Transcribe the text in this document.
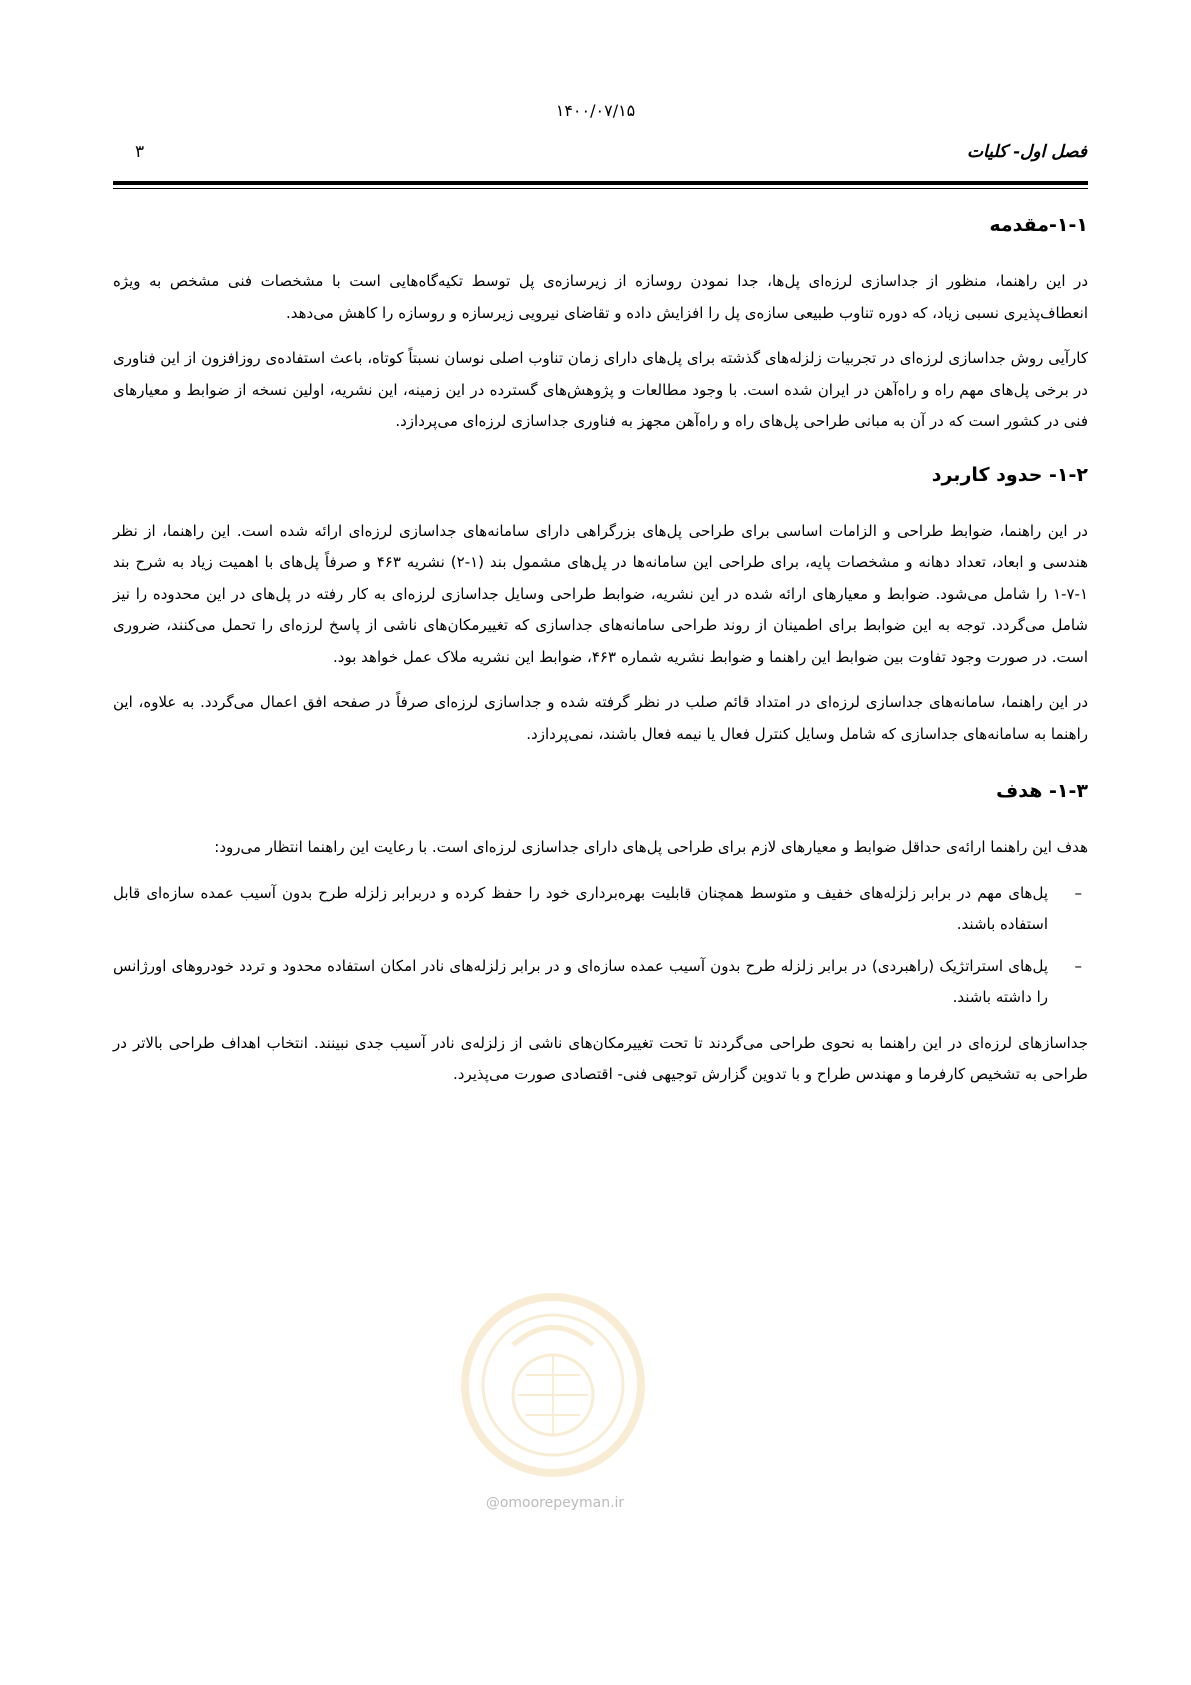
۱۴۰۰/۰۷/۱۵
فصل اول- کلیات
۳
۱-۱-مقدمه

در این راهنما، منظور از جداسازی لرزه‌ای پل‌ها، جدا نمودن روسازه از زیرسازه‌ی پل توسط تکیه‌گاه‌هایی است با مشخصات فنی مشخص به ویژه انعطاف‌پذیری نسبی زیاد، که دوره تناوب طبیعی سازه‌ی پل را افزایش داده و تقاضای نیرویی زیرسازه و روسازه را کاهش می‌دهد.

کارآیی روش جداسازی لرزه‌ای در تجربیات زلزله‌های گذشته برای پل‌های دارای زمان تناوب اصلی نوسان نسبتاً کوتاه، باعث استفاده‌ی روزافزون از این فناوری در برخی پل‌های مهم راه و راه‌آهن در ایران شده است. با وجود مطالعات و پژوهش‌های گسترده در این زمینه، این نشریه، اولین نسخه از ضوابط و معیارهای فنی در کشور است که در آن به مبانی طراحی پل‌های راه و راه‌آهن مجهز به فناوری جداسازی لرزه‌ای می‌پردازد.

۱-۲- حدود کاربرد

در این راهنما، ضوابط طراحی و الزامات اساسی برای طراحی پل‌های بزرگراهی دارای سامانه‌های جداسازی لرزه‌ای ارائه شده است. این راهنما، از نظر هندسی و ابعاد، تعداد دهانه و مشخصات پایه، برای طراحی این سامانه‌ها در پل‌های مشمول بند (۱-۲) نشریه ۴۶۳ و صرفاً پل‌های با اهمیت زیاد به شرح بند ۱-۷-۱ را شامل می‌شود. ضوابط و معیارهای ارائه شده در این نشریه، ضوابط طراحی وسایل جداسازی لرزه‌ای به کار رفته در پل‌های در این محدوده را نیز شامل می‌گردد. توجه به این ضوابط برای اطمینان از روند طراحی سامانه‌های جداسازی که تغییرمکان‌های ناشی از پاسخ لرزه‌ای را تحمل می‌کنند، ضروری است. در صورت وجود تفاوت بین ضوابط این راهنما و ضوابط نشریه شماره ۴۶۳، ضوابط این نشریه ملاک عمل خواهد بود.

در این راهنما، سامانه‌های جداسازی لرزه‌ای در امتداد قائم صلب در نظر گرفته شده و جداسازی لرزه‌ای صرفاً در صفحه افق اعمال می‌گردد. به علاوه، این راهنما به سامانه‌های جداسازی که شامل وسایل کنترل فعال یا نیمه فعال باشند، نمی‌پردازد.

۱-۳- هدف

هدف این راهنما ارائه‌ی حداقل ضوابط و معیارهای لازم برای طراحی پل‌های دارای جداسازی لرزه‌ای است. با رعایت این راهنما انتظار می‌رود:

–
پل‌های مهم در برابر زلزله‌های خفیف و متوسط همچنان قابلیت بهره‌برداری خود را حفظ کرده و دربرابر زلزله طرح بدون آسیب عمده سازه‌ای قابل استفاده باشند.
–
پل‌های استراتژیک (راهبردی) در برابر زلزله طرح بدون آسیب عمده سازه‌ای و در برابر زلزله‌های نادر امکان استفاده محدود و تردد خودروهای اورژانس را داشته باشند.

جداسازهای لرزه‌ای در این راهنما به نحوی طراحی می‌گردند تا تحت تغییرمکان‌های ناشی از زلزله‌ی نادر آسیب جدی نبینند. انتخاب اهداف طراحی بالاتر در طراحی به تشخیص کارفرما و مهندس طراح و با تدوین گزارش توجیهی فنی- اقتصادی صورت می‌پذیرد.

@omoorepeyman.ir
